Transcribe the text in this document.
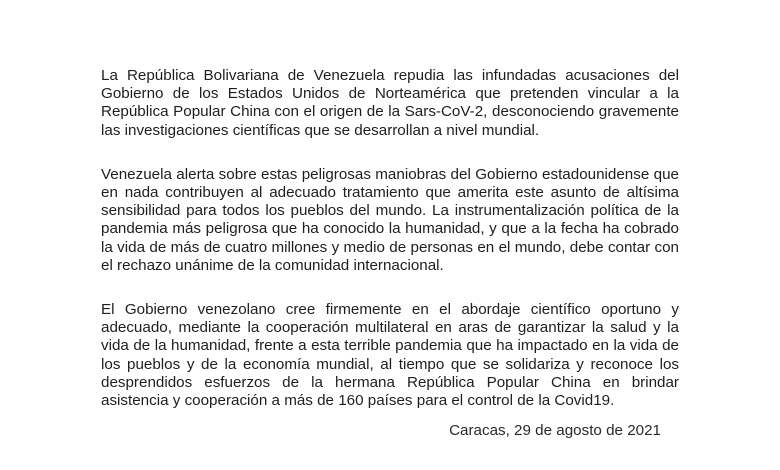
La República Bolivariana de Venezuela repudia las infundadas acusaciones del Gobierno de los Estados Unidos de Norteamérica que pretenden vincular a la República Popular China con el origen de la Sars-CoV-2, desconociendo gravemente las investigaciones científicas que se desarrollan a nivel mundial.

Venezuela alerta sobre estas peligrosas maniobras del Gobierno estadounidense que en nada contribuyen al adecuado tratamiento que amerita este asunto de altísima sensibilidad para todos los pueblos del mundo. La instrumentalización política de la pandemia más peligrosa que ha conocido la humanidad, y que a la fecha ha cobrado la vida de más de cuatro millones y medio de personas en el mundo, debe contar con el rechazo unánime de la comunidad internacional.

El Gobierno venezolano cree firmemente en el abordaje científico oportuno y adecuado, mediante la cooperación multilateral en aras de garantizar la salud y la vida de la humanidad, frente a esta terrible pandemia que ha impactado en la vida de los pueblos y de la economía mundial, al tiempo que se solidariza y reconoce los desprendidos esfuerzos de la hermana República Popular China en brindar asistencia y cooperación a más de 160 países para el control de la Covid19.

Caracas, 29 de agosto de 2021
